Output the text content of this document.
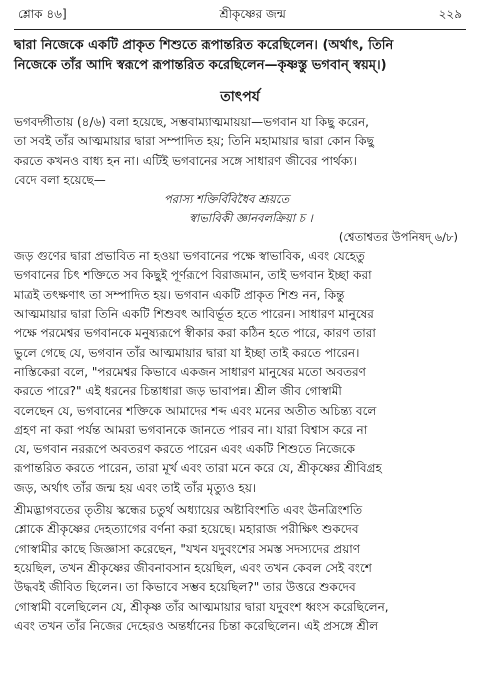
শ্লোক ৪৬]	শ্রীকৃষ্ণের জন্ম	২২৯

দ্বারা নিজেকে একটি প্রাকৃত শিশুতে রূপান্তরিত করেছিলেন। (অর্থাৎ, তিনি

নিজেকে তাঁর আদি স্বরূপে রূপান্তরিত করেছিলেন—কৃষ্ণস্তু ভগবান্ স্বয়ম্।)

তাৎপর্য

ভগবদ্গীতায় (৪/৬) বলা হয়েছে, সম্ভবাম্যাত্মমায়য়া—ভগবান যা কিছু করেন,

তা সবই তাঁর আত্মমায়ার দ্বারা সম্পাদিত হয়; তিনি মহামায়ার দ্বারা কোন কিছু

করতে কখনও বাধ্য হন না। এটিই ভগবানের সঙ্গে সাধারণ জীবের পার্থক্য।

বেদে বলা হয়েছে—

পরাস্য শক্তির্বিবিধৈব শ্রূয়তে

স্বাভাবিকী জ্ঞানবলক্রিয়া চ ।

(শ্বেতাশ্বতর উপনিষদ্ ৬/৮)

জড় গুণের দ্বারা প্রভাবিত না হওয়া ভগবানের পক্ষে স্বাভাবিক, এবং যেহেতু

ভগবানের চিৎ শক্তিতে সব কিছুই পূর্ণরূপে বিরাজমান, তাই ভগবান ইচ্ছা করা

মাত্রই তৎক্ষণাৎ তা সম্পাদিত হয়। ভগবান একটি প্রাকৃত শিশু নন, কিন্তু

আত্মমায়ার দ্বারা তিনি একটি শিশুবৎ আবির্ভূত হতে পারেন। সাধারণ মানুষের

পক্ষে পরমেশ্বর ভগবানকে মনুষ্যরূপে স্বীকার করা কঠিন হতে পারে, কারণ তারা

ভুলে গেছে যে, ভগবান তাঁর আত্মমায়ার দ্বারা যা ইচ্ছা তাই করতে পারেন।

নাস্তিকেরা বলে, "পরমেশ্বর কিভাবে একজন সাধারণ মানুষের মতো অবতরণ

করতে পারে?" এই ধরনের চিন্তাধারা জড় ভাবাপন্ন। শ্রীল জীব গোস্বামী

বলেছেন যে, ভগবানের শক্তিকে আমাদের শব্দ এবং মনের অতীত অচিন্ত্য বলে

গ্রহণ না করা পর্যন্ত আমরা ভগবানকে জানতে পারব না। যারা বিশ্বাস করে না

যে, ভগবান নররূপে অবতরণ করতে পারেন এবং একটি শিশুতে নিজেকে

রূপান্তরিত করতে পারেন, তারা মূর্খ এবং তারা মনে করে যে, শ্রীকৃষ্ণের শ্রীবিগ্রহ

জড়, অর্থাৎ তাঁর জন্ম হয় এবং তাই তাঁর মৃত্যুও হয়।

শ্রীমদ্ভাগবতের তৃতীয় স্কন্ধের চতুর্থ অধ্যায়ের অষ্টাবিংশতি এবং ঊনত্রিংশতি

শ্লোকে শ্রীকৃষ্ণের দেহত্যাগের বর্ণনা করা হয়েছে। মহারাজ পরীক্ষিৎ শুকদেব

গোস্বামীর কাছে জিজ্ঞাসা করেছেন, "যখন যদুবংশের সমস্ত সদস্যদের প্রয়াণ

হয়েছিল, তখন শ্রীকৃষ্ণের জীবনাবসান হয়েছিল, এবং তখন কেবল সেই বংশে

উদ্ধবই জীবিত ছিলেন। তা কিভাবে সম্ভব হয়েছিল?" তার উত্তরে শুকদেব

গোস্বামী বলেছিলেন যে, শ্রীকৃষ্ণ তাঁর আত্মমায়ার দ্বারা যদুবংশ ধ্বংস করেছিলেন,

এবং তখন তাঁর নিজের দেহেরও অন্তর্ধানের চিন্তা করেছিলেন। এই প্রসঙ্গে শ্রীল
